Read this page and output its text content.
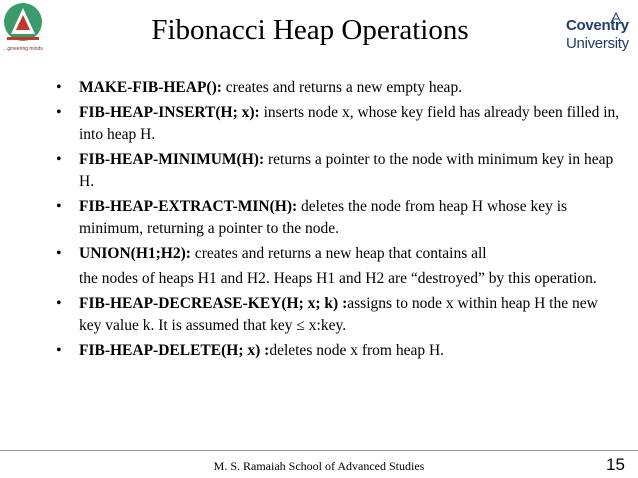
...gineering minds
Fibonacci Heap Operations	Coventry
University
• MAKE-FIB-HEAP(): creates and returns a new empty heap.
• FIB-HEAP-INSERT(H; x): inserts node x, whose key field has already been filled in, into heap H.
• FIB-HEAP-MINIMUM(H): returns a pointer to the node with minimum key in heap H.
• FIB-HEAP-EXTRACT-MIN(H): deletes the node from heap H whose key is minimum, returning a pointer to the node.
• UNION(H1;H2): creates and returns a new heap that contains all
the nodes of heaps H1 and H2. Heaps H1 and H2 are “destroyed” by this operation.
• FIB-HEAP-DECREASE-KEY(H; x; k) :assigns to node x within heap H the new key value k. It is assumed that key ≤ x:key.
• FIB-HEAP-DELETE(H; x) :deletes node x from heap H.
M. S. Ramaiah School of Advanced Studies	15
